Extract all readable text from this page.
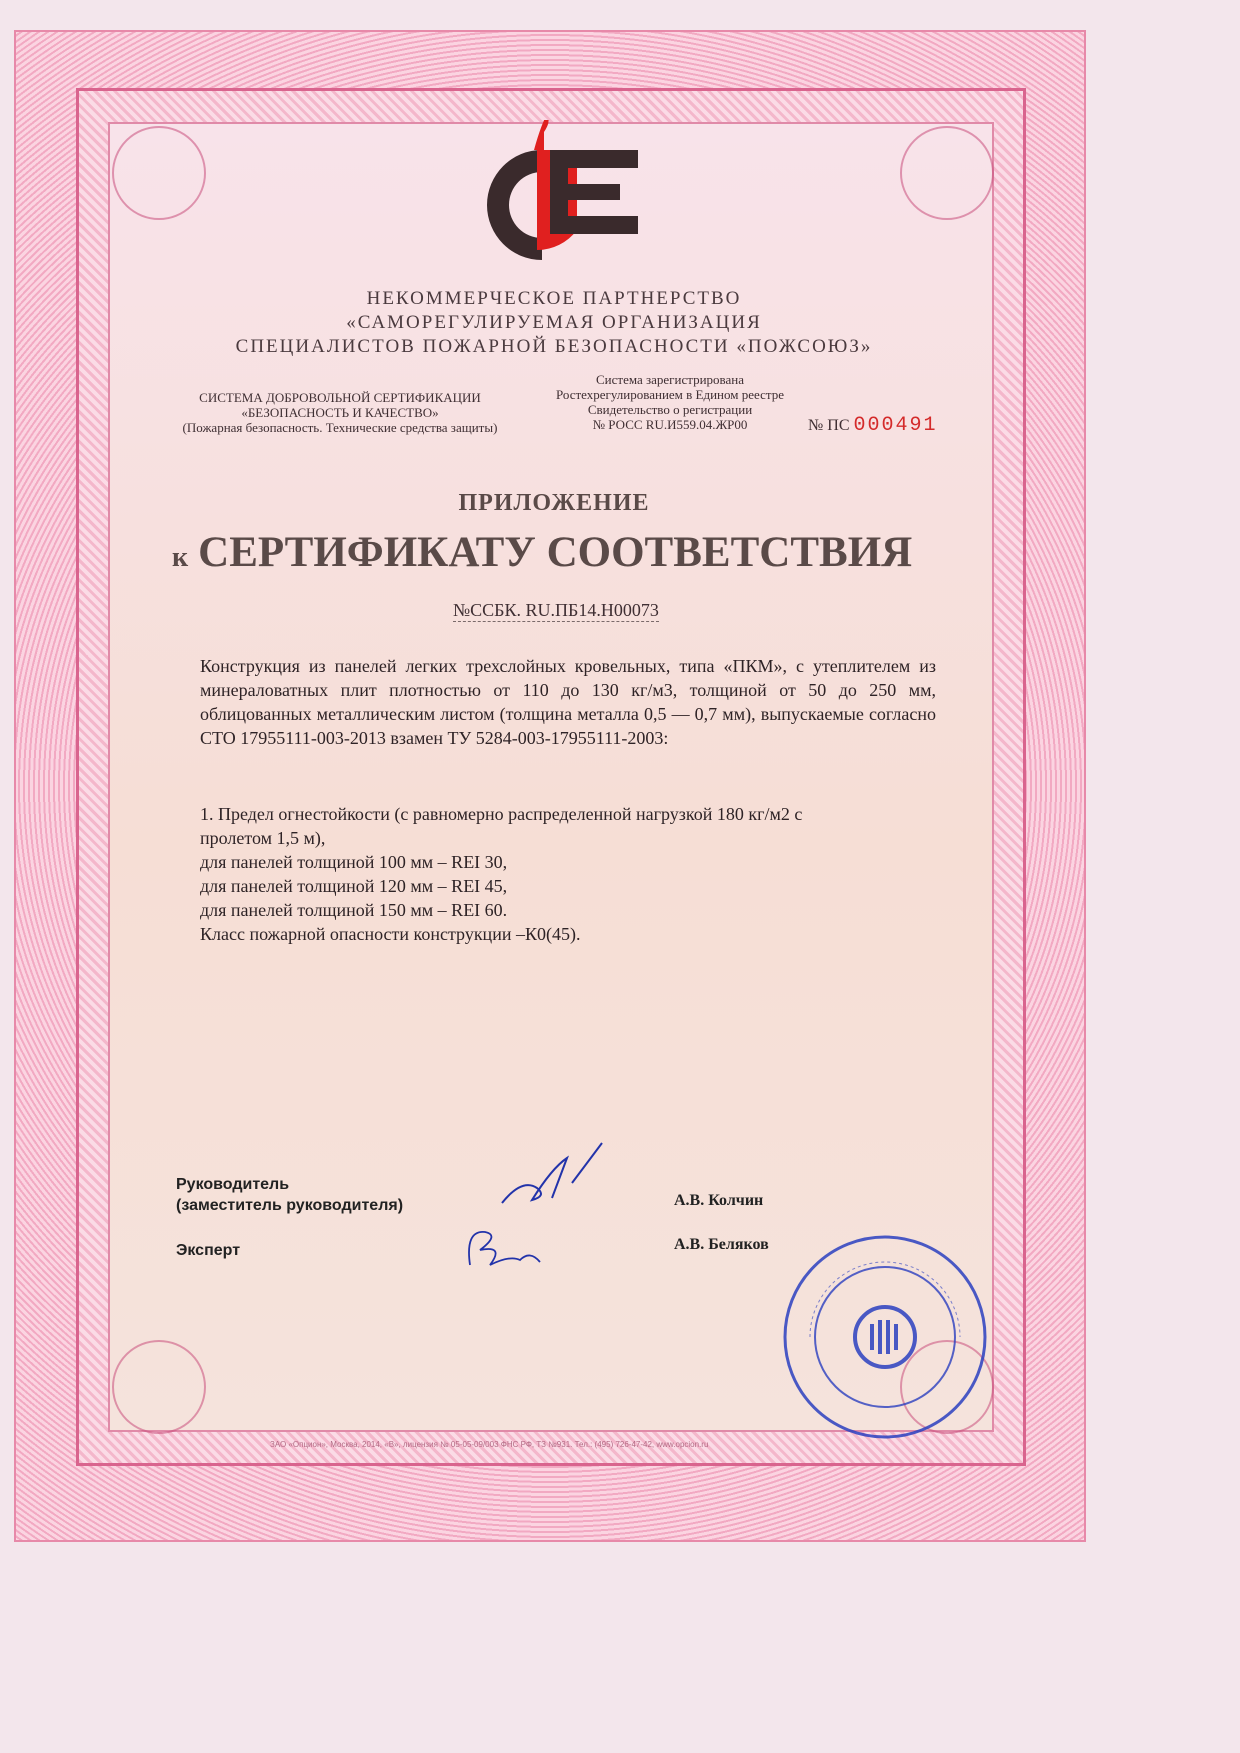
НЕКОММЕРЧЕСКОЕ ПАРТНЕРСТВО
«САМОРЕГУЛИРУЕМАЯ ОРГАНИЗАЦИЯ
СПЕЦИАЛИСТОВ ПОЖАРНОЙ БЕЗОПАСНОСТИ «ПОЖСОЮЗ»
СИСТЕМА ДОБРОВОЛЬНОЙ СЕРТИФИКАЦИИ
«БЕЗОПАСНОСТЬ И КАЧЕСТВО»
(Пожарная безопасность. Технические средства защиты)
Система зарегистрирована
Ростехрегулированием в Едином реестре
Свидетельство о регистрации
№ РОСС RU.И559.04.ЖР00	№ ПС 000491
ПРИЛОЖЕНИЕ
к СЕРТИФИКАТУ СООТВЕТСТВИЯ
№ССБК. RU.ПБ14.Н00073
Конструкция из панелей легких трехслойных кровельных, типа «ПКМ», с утеплителем из минераловатных плит плотностью от 110 до 130 кг/м3, толщиной от 50 до 250 мм, облицованных металлическим листом (толщина металла 0,5 — 0,7 мм), выпускаемые согласно СТО 17955111-003-2013 взамен ТУ 5284-003-17955111-2003:
1. Предел огнестойкости (с равномерно распределенной нагрузкой 180 кг/м2 с
пролетом 1,5 м),
для панелей толщиной 100 мм – REI 30,
для панелей толщиной 120 мм – REI 45,
для панелей толщиной 150 мм – REI 60.
Класс пожарной опасности конструкции –К0(45).
Руководитель
(заместитель руководителя)	А.В. Колчин
Эксперт	А.В. Беляков
ЗАО «Опцион», Москва, 2014, «В», лицензия № 05-05-09/003 ФНС РФ, ТЗ №931. Тел.: (495) 726-47-42, www.opcion.ru
